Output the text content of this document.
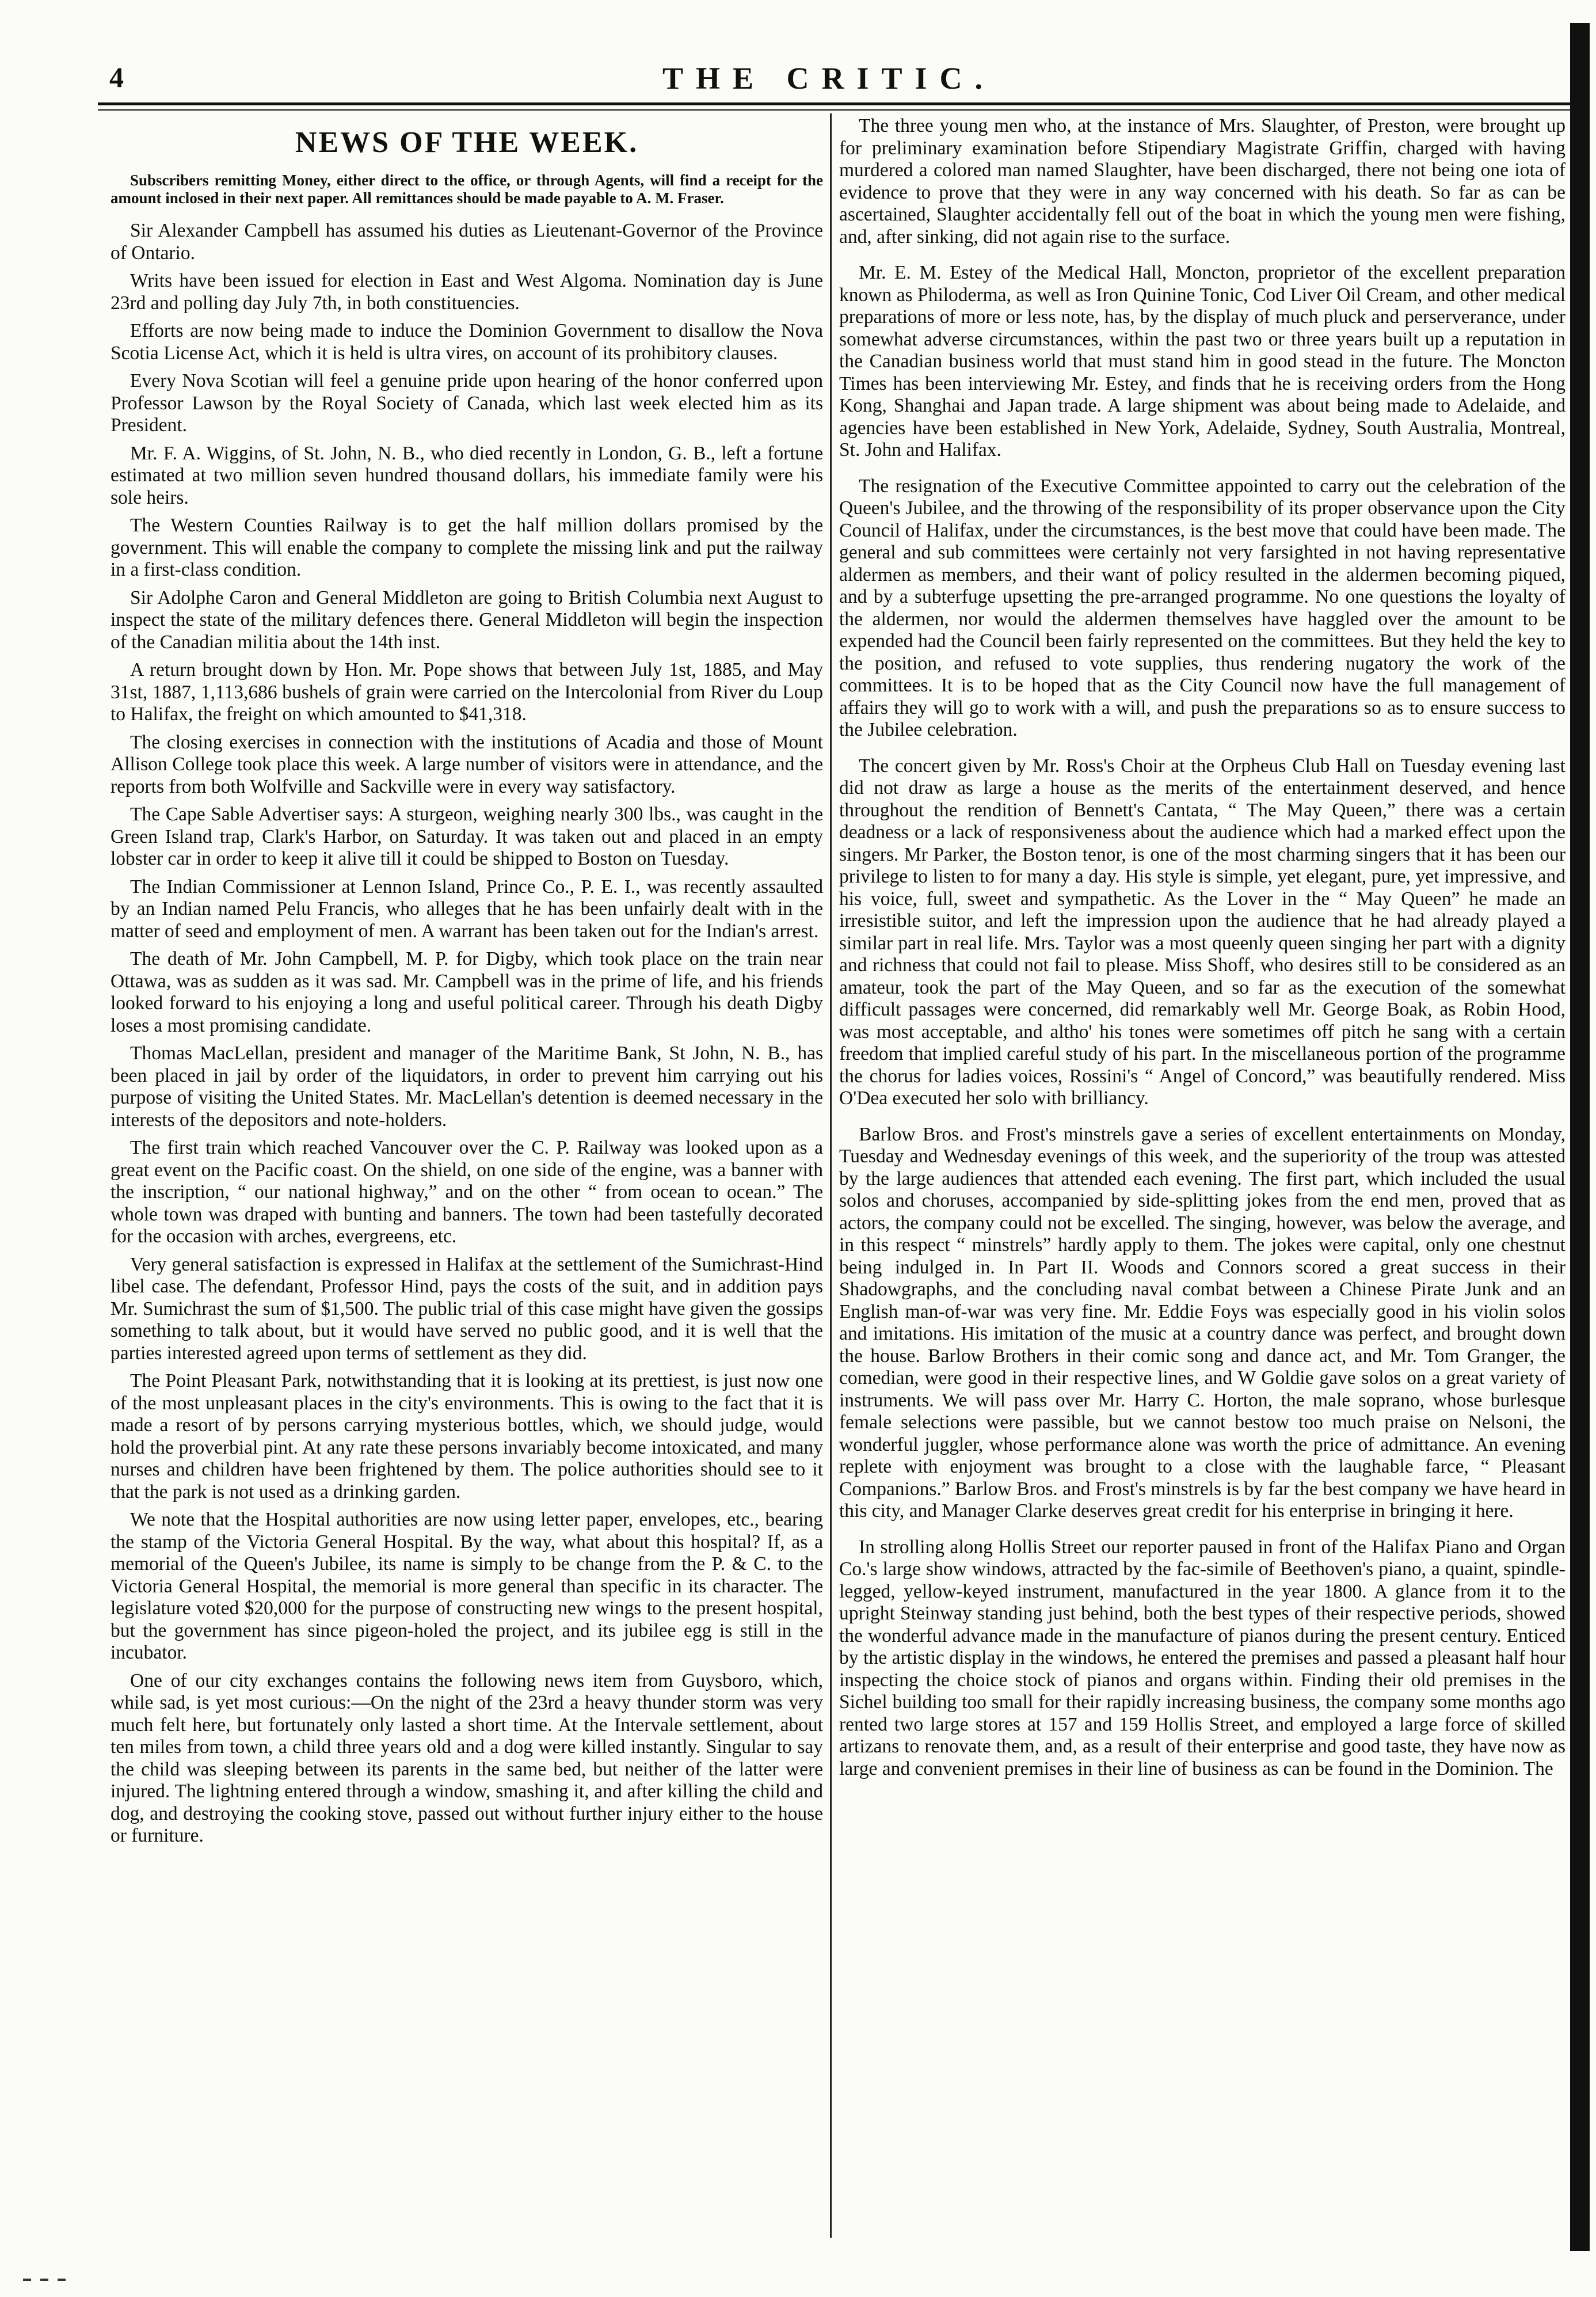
4	THE CRITIC.
NEWS OF THE WEEK.

Subscribers remitting Money, either direct to the office, or through Agents, will find a receipt for the amount inclosed in their next paper. All remittances should be made payable to A. M. Fraser.

Sir Alexander Campbell has assumed his duties as Lieutenant-Governor of the Province of Ontario.

Writs have been issued for election in East and West Algoma. Nomination day is June 23rd and polling day July 7th, in both constituencies.

Efforts are now being made to induce the Dominion Government to disallow the Nova Scotia License Act, which it is held is ultra vires, on account of its prohibitory clauses.

Every Nova Scotian will feel a genuine pride upon hearing of the honor conferred upon Professor Lawson by the Royal Society of Canada, which last week elected him as its President.

Mr. F. A. Wiggins, of St. John, N. B., who died recently in London, G. B., left a fortune estimated at two million seven hundred thousand dollars, his immediate family were his sole heirs.

The Western Counties Railway is to get the half million dollars promised by the government. This will enable the company to complete the missing link and put the railway in a first-class condition.

Sir Adolphe Caron and General Middleton are going to British Columbia next August to inspect the state of the military defences there. General Middleton will begin the inspection of the Canadian militia about the 14th inst.

A return brought down by Hon. Mr. Pope shows that between July 1st, 1885, and May 31st, 1887, 1,113,686 bushels of grain were carried on the Intercolonial from River du Loup to Halifax, the freight on which amounted to $41,318.

The closing exercises in connection with the institutions of Acadia and those of Mount Allison College took place this week. A large number of visitors were in attendance, and the reports from both Wolfville and Sackville were in every way satisfactory.

The Cape Sable Advertiser says: A sturgeon, weighing nearly 300 lbs., was caught in the Green Island trap, Clark's Harbor, on Saturday. It was taken out and placed in an empty lobster car in order to keep it alive till it could be shipped to Boston on Tuesday.

The Indian Commissioner at Lennon Island, Prince Co., P. E. I., was recently assaulted by an Indian named Pelu Francis, who alleges that he has been unfairly dealt with in the matter of seed and employment of men. A warrant has been taken out for the Indian's arrest.

The death of Mr. John Campbell, M. P. for Digby, which took place on the train near Ottawa, was as sudden as it was sad. Mr. Campbell was in the prime of life, and his friends looked forward to his enjoying a long and useful political career. Through his death Digby loses a most promising candidate.

Thomas MacLellan, president and manager of the Maritime Bank, St John, N. B., has been placed in jail by order of the liquidators, in order to prevent him carrying out his purpose of visiting the United States. Mr. MacLellan's detention is deemed necessary in the interests of the depositors and note-holders.

The first train which reached Vancouver over the C. P. Railway was looked upon as a great event on the Pacific coast. On the shield, on one side of the engine, was a banner with the inscription, “ our national highway,” and on the other “ from ocean to ocean.” The whole town was draped with bunting and banners. The town had been tastefully decorated for the occasion with arches, evergreens, etc.

Very general satisfaction is expressed in Halifax at the settlement of the Sumichrast-Hind libel case. The defendant, Professor Hind, pays the costs of the suit, and in addition pays Mr. Sumichrast the sum of $1,500. The public trial of this case might have given the gossips something to talk about, but it would have served no public good, and it is well that the parties interested agreed upon terms of settlement as they did.

The Point Pleasant Park, notwithstanding that it is looking at its prettiest, is just now one of the most unpleasant places in the city's environments. This is owing to the fact that it is made a resort of by persons carrying mysterious bottles, which, we should judge, would hold the proverbial pint. At any rate these persons invariably become intoxicated, and many nurses and children have been frightened by them. The police authorities should see to it that the park is not used as a drinking garden.

We note that the Hospital authorities are now using letter paper, envelopes, etc., bearing the stamp of the Victoria General Hospital. By the way, what about this hospital? If, as a memorial of the Queen's Jubilee, its name is simply to be change from the P. & C. to the Victoria General Hospital, the memorial is more general than specific in its character. The legislature voted $20,000 for the purpose of constructing new wings to the present hospital, but the government has since pigeon-holed the project, and its jubilee egg is still in the incubator.

One of our city exchanges contains the following news item from Guysboro, which, while sad, is yet most curious:—On the night of the 23rd a heavy thunder storm was very much felt here, but fortunately only lasted a short time. At the Intervale settlement, about ten miles from town, a child three years old and a dog were killed instantly. Singular to say the child was sleeping between its parents in the same bed, but neither of the latter were injured. The lightning entered through a window, smashing it, and after killing the child and dog, and destroying the cooking stove, passed out without further injury either to the house or furniture.

The three young men who, at the instance of Mrs. Slaughter, of Preston, were brought up for preliminary examination before Stipendiary Magistrate Griffin, charged with having murdered a colored man named Slaughter, have been discharged, there not being one iota of evidence to prove that they were in any way concerned with his death. So far as can be ascertained, Slaughter accidentally fell out of the boat in which the young men were fishing, and, after sinking, did not again rise to the surface.

Mr. E. M. Estey of the Medical Hall, Moncton, proprietor of the excellent preparation known as Philoderma, as well as Iron Quinine Tonic, Cod Liver Oil Cream, and other medical preparations of more or less note, has, by the display of much pluck and perserverance, under somewhat adverse circumstances, within the past two or three years built up a reputation in the Canadian business world that must stand him in good stead in the future. The Moncton Times has been interviewing Mr. Estey, and finds that he is receiving orders from the Hong Kong, Shanghai and Japan trade. A large shipment was about being made to Adelaide, and agencies have been established in New York, Adelaide, Sydney, South Australia, Montreal, St. John and Halifax.

The resignation of the Executive Committee appointed to carry out the celebration of the Queen's Jubilee, and the throwing of the responsibility of its proper observance upon the City Council of Halifax, under the circumstances, is the best move that could have been made. The general and sub committees were certainly not very farsighted in not having representative aldermen as members, and their want of policy resulted in the aldermen becoming piqued, and by a subterfuge upsetting the pre-arranged programme. No one questions the loyalty of the aldermen, nor would the aldermen themselves have haggled over the amount to be expended had the Council been fairly represented on the committees. But they held the key to the position, and refused to vote supplies, thus rendering nugatory the work of the committees. It is to be hoped that as the City Council now have the full management of affairs they will go to work with a will, and push the preparations so as to ensure success to the Jubilee celebration.

The concert given by Mr. Ross's Choir at the Orpheus Club Hall on Tuesday evening last did not draw as large a house as the merits of the entertainment deserved, and hence throughout the rendition of Bennett's Cantata, “ The May Queen,” there was a certain deadness or a lack of responsiveness about the audience which had a marked effect upon the singers. Mr Parker, the Boston tenor, is one of the most charming singers that it has been our privilege to listen to for many a day. His style is simple, yet elegant, pure, yet impressive, and his voice, full, sweet and sympathetic. As the Lover in the “ May Queen” he made an irresistible suitor, and left the impression upon the audience that he had already played a similar part in real life. Mrs. Taylor was a most queenly queen singing her part with a dignity and richness that could not fail to please. Miss Shoff, who desires still to be considered as an amateur, took the part of the May Queen, and so far as the execution of the somewhat difficult passages were concerned, did remarkably well Mr. George Boak, as Robin Hood, was most acceptable, and altho' his tones were sometimes off pitch he sang with a certain freedom that implied careful study of his part. In the miscellaneous portion of the programme the chorus for ladies voices, Rossini's “ Angel of Concord,” was beautifully rendered. Miss O'Dea executed her solo with brilliancy.

Barlow Bros. and Frost's minstrels gave a series of excellent entertainments on Monday, Tuesday and Wednesday evenings of this week, and the superiority of the troup was attested by the large audiences that attended each evening. The first part, which included the usual solos and choruses, accompanied by side-splitting jokes from the end men, proved that as actors, the company could not be excelled. The singing, however, was below the average, and in this respect “ minstrels” hardly apply to them. The jokes were capital, only one chestnut being indulged in. In Part II. Woods and Connors scored a great success in their Shadowgraphs, and the concluding naval combat between a Chinese Pirate Junk and an English man-of-war was very fine. Mr. Eddie Foys was especially good in his violin solos and imitations. His imitation of the music at a country dance was perfect, and brought down the house. Barlow Brothers in their comic song and dance act, and Mr. Tom Granger, the comedian, were good in their respective lines, and W Goldie gave solos on a great variety of instruments. We will pass over Mr. Harry C. Horton, the male soprano, whose burlesque female selections were passible, but we cannot bestow too much praise on Nelsoni, the wonderful juggler, whose performance alone was worth the price of admittance. An evening replete with enjoyment was brought to a close with the laughable farce, “ Pleasant Companions.” Barlow Bros. and Frost's minstrels is by far the best company we have heard in this city, and Manager Clarke deserves great credit for his enterprise in bringing it here.

In strolling along Hollis Street our reporter paused in front of the Halifax Piano and Organ Co.'s large show windows, attracted by the fac-simile of Beethoven's piano, a quaint, spindle-legged, yellow-keyed instrument, manufactured in the year 1800. A glance from it to the upright Steinway standing just behind, both the best types of their respective periods, showed the wonderful advance made in the manufacture of pianos during the present century. Enticed by the artistic display in the windows, he entered the premises and passed a pleasant half hour inspecting the choice stock of pianos and organs within. Finding their old premises in the Sichel building too small for their rapidly increasing business, the company some months ago rented two large stores at 157 and 159 Hollis Street, and employed a large force of skilled artizans to renovate them, and, as a result of their enterprise and good taste, they have now as large and convenient premises in their line of business as can be found in the Dominion. The
